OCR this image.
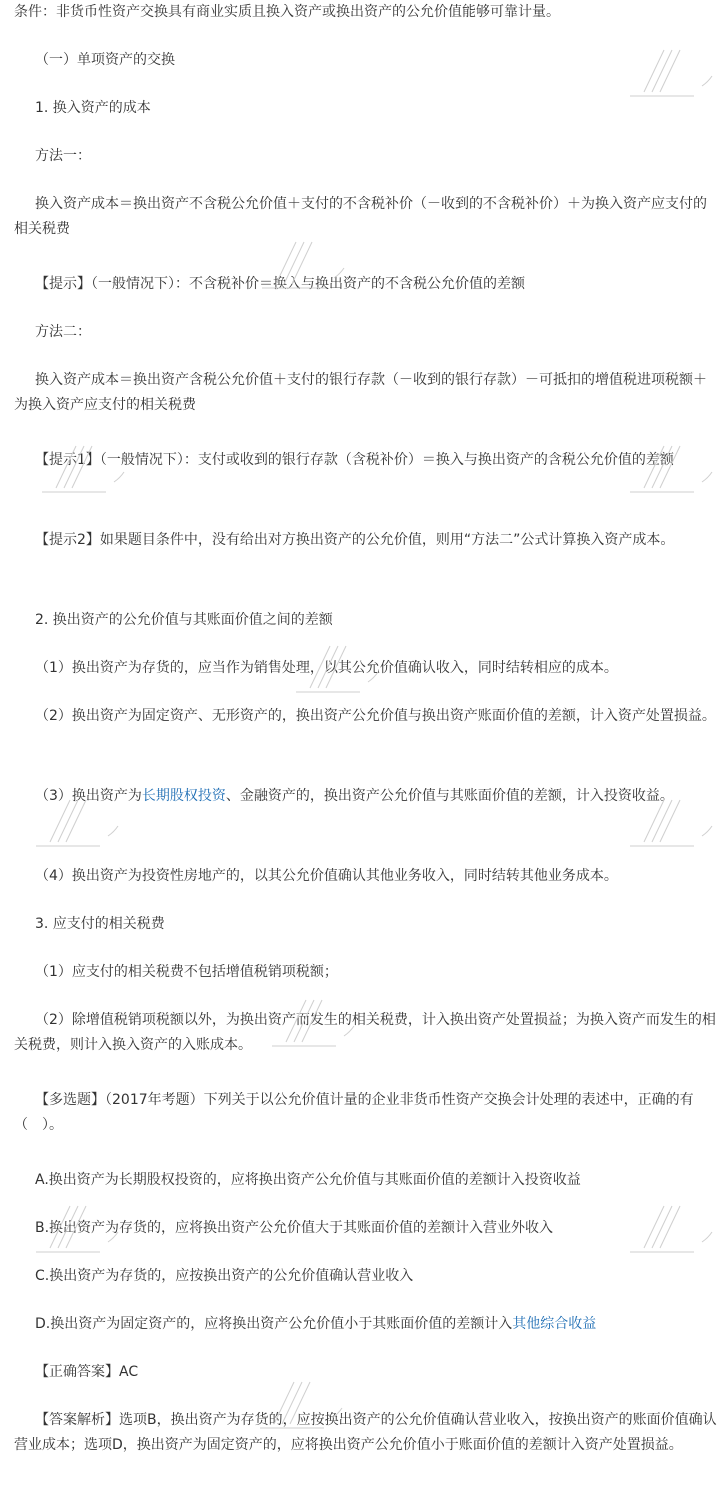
条件：非货币性资产交换具有商业实质且换入资产或换出资产的公允价值能够可靠计量。

（一）单项资产的交换

1. 换入资产的成本

方法一：

换入资产成本＝换出资产不含税公允价值＋支付的不含税补价（－收到的不含税补价）＋为换入资产应支付的相关税费

【提示】（一般情况下）：不含税补价＝换入与换出资产的不含税公允价值的差额

方法二：

换入资产成本＝换出资产含税公允价值＋支付的银行存款（－收到的银行存款）－可抵扣的增值税进项税额＋为换入资产应支付的相关税费

【提示1】（一般情况下）：支付或收到的银行存款（含税补价）＝换入与换出资产的含税公允价值的差额

【提示2】如果题目条件中，没有给出对方换出资产的公允价值，则用“方法二”公式计算换入资产成本。

2. 换出资产的公允价值与其账面价值之间的差额

（1）换出资产为存货的，应当作为销售处理，以其公允价值确认收入，同时结转相应的成本。

（2）换出资产为固定资产、无形资产的，换出资产公允价值与换出资产账面价值的差额，计入资产处置损益。

（3）换出资产为长期股权投资、金融资产的，换出资产公允价值与其账面价值的差额，计入投资收益。

（4）换出资产为投资性房地产的，以其公允价值确认其他业务收入，同时结转其他业务成本。

3. 应支付的相关税费

（1）应支付的相关税费不包括增值税销项税额；

（2）除增值税销项税额以外，为换出资产而发生的相关税费，计入换出资产处置损益；为换入资产而发生的相关税费，则计入换入资产的入账成本。

【多选题】（2017年考题）下列关于以公允价值计量的企业非货币性资产交换会计处理的表述中，正确的有（　）。

A.换出资产为长期股权投资的，应将换出资产公允价值与其账面价值的差额计入投资收益

B.换出资产为存货的，应将换出资产公允价值大于其账面价值的差额计入营业外收入

C.换出资产为存货的，应按换出资产的公允价值确认营业收入

D.换出资产为固定资产的，应将换出资产公允价值小于其账面价值的差额计入其他综合收益

【正确答案】AC

【答案解析】选项B，换出资产为存货的，应按换出资产的公允价值确认营业收入，按换出资产的账面价值确认营业成本；选项D，换出资产为固定资产的，应将换出资产公允价值小于账面价值的差额计入资产处置损益。
